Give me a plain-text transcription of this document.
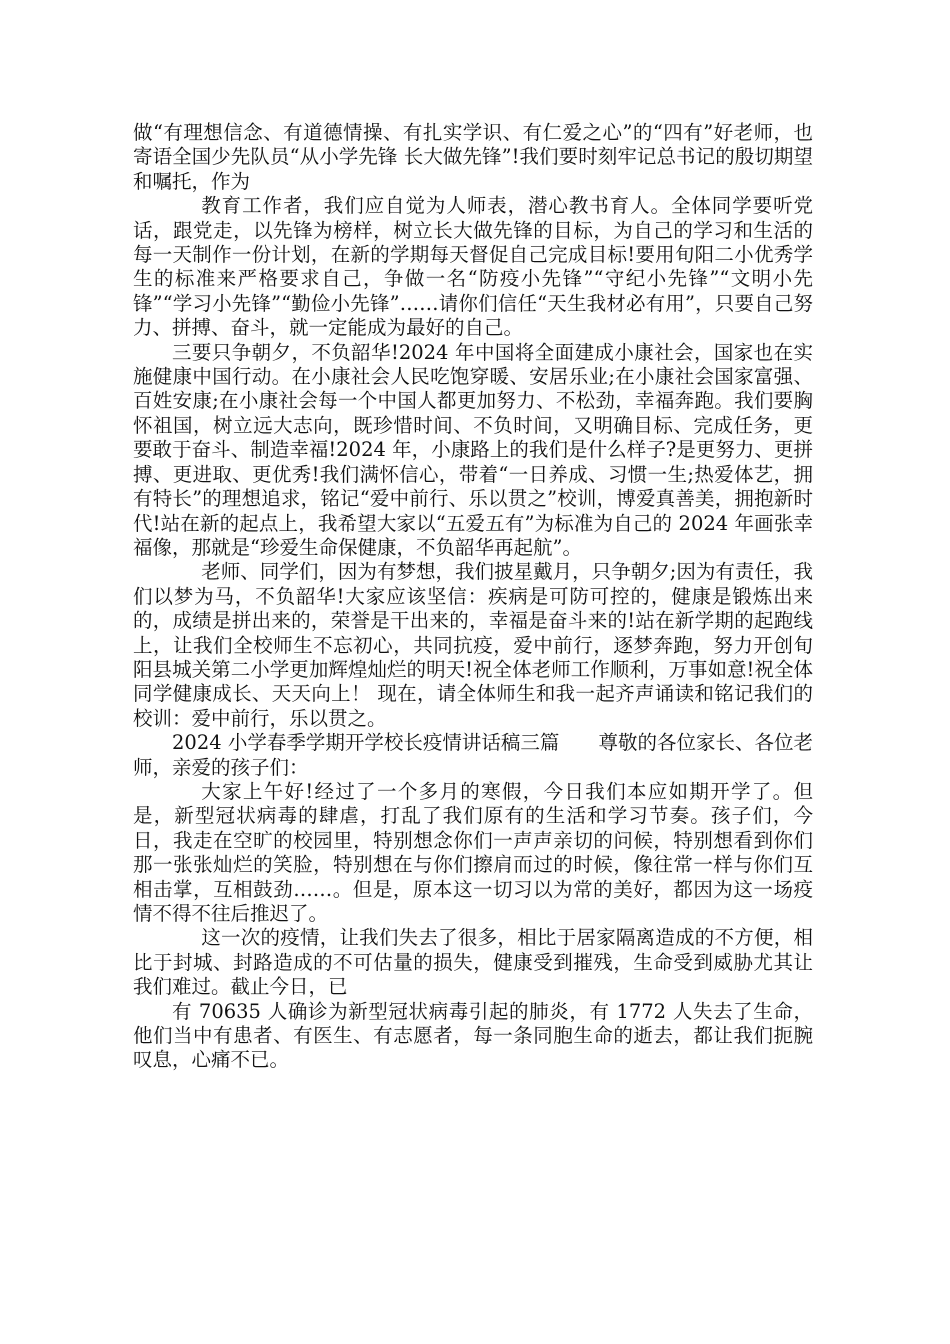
做“有理想信念、有道德情操、有扎实学识、有仁爱之心”的“四有”好老师，也寄语全国少先队员“从小学先锋 长大做先锋”!我们要时刻牢记总书记的殷切期望和嘱托，作为

教育工作者，我们应自觉为人师表，潜心教书育人。全体同学要听党话，跟党走，以先锋为榜样，树立长大做先锋的目标，为自己的学习和生活的每一天制作一份计划，在新的学期每天督促自己完成目标!要用旬阳二小优秀学生的标准来严格要求自己，争做一名“防疫小先锋”“守纪小先锋”“文明小先锋”“学习小先锋”“勤俭小先锋”……请你们信任“天生我材必有用”，只要自己努力、拼搏、奋斗，就一定能成为最好的自己。

三要只争朝夕，不负韶华!2024 年中国将全面建成小康社会，国家也在实施健康中国行动。在小康社会人民吃饱穿暖、安居乐业;在小康社会国家富强、百姓安康;在小康社会每一个中国人都更加努力、不松劲，幸福奔跑。我们要胸怀祖国，树立远大志向，既珍惜时间、不负时间，又明确目标、完成任务，更要敢于奋斗、制造幸福!2024 年，小康路上的我们是什么样子?是更努力、更拼搏、更进取、更优秀!我们满怀信心，带着“一日养成、习惯一生;热爱体艺，拥有特长”的理想追求，铭记“爱中前行、乐以贯之”校训，博爱真善美，拥抱新时代!站在新的起点上，我希望大家以“五爱五有”为标准为自己的 2024 年画张幸福像，那就是“珍爱生命保健康，不负韶华再起航”。

老师、同学们，因为有梦想，我们披星戴月，只争朝夕;因为有责任，我们以梦为马，不负韶华!大家应该坚信：疾病是可防可控的，健康是锻炼出来的，成绩是拼出来的，荣誉是干出来的，幸福是奋斗来的!站在新学期的起跑线上，让我们全校师生不忘初心，共同抗疫，爱中前行，逐梦奔跑，努力开创旬阳县城关第二小学更加辉煌灿烂的明天!祝全体老师工作顺利，万事如意!祝全体同学健康成长、天天向上！ 现在，请全体师生和我一起齐声诵读和铭记我们的校训：爱中前行，乐以贯之。

2024 小学春季学期开学校长疫情讲话稿三篇　　尊敬的各位家长、各位老师，亲爱的孩子们：

大家上午好!经过了一个多月的寒假，今日我们本应如期开学了。但是，新型冠状病毒的肆虐，打乱了我们原有的生活和学习节奏。孩子们，今日，我走在空旷的校园里，特别想念你们一声声亲切的问候，特别想看到你们那一张张灿烂的笑脸，特别想在与你们擦肩而过的时候，像往常一样与你们互相击掌，互相鼓劲……。但是，原本这一切习以为常的美好，都因为这一场疫情不得不往后推迟了。

这一次的疫情，让我们失去了很多，相比于居家隔离造成的不方便，相比于封城、封路造成的不可估量的损失，健康受到摧残，生命受到威胁尤其让我们难过。截止今日，已

有 70635 人确诊为新型冠状病毒引起的肺炎，有 1772 人失去了生命，他们当中有患者、有医生、有志愿者，每一条同胞生命的逝去，都让我们扼腕叹息，心痛不已。
